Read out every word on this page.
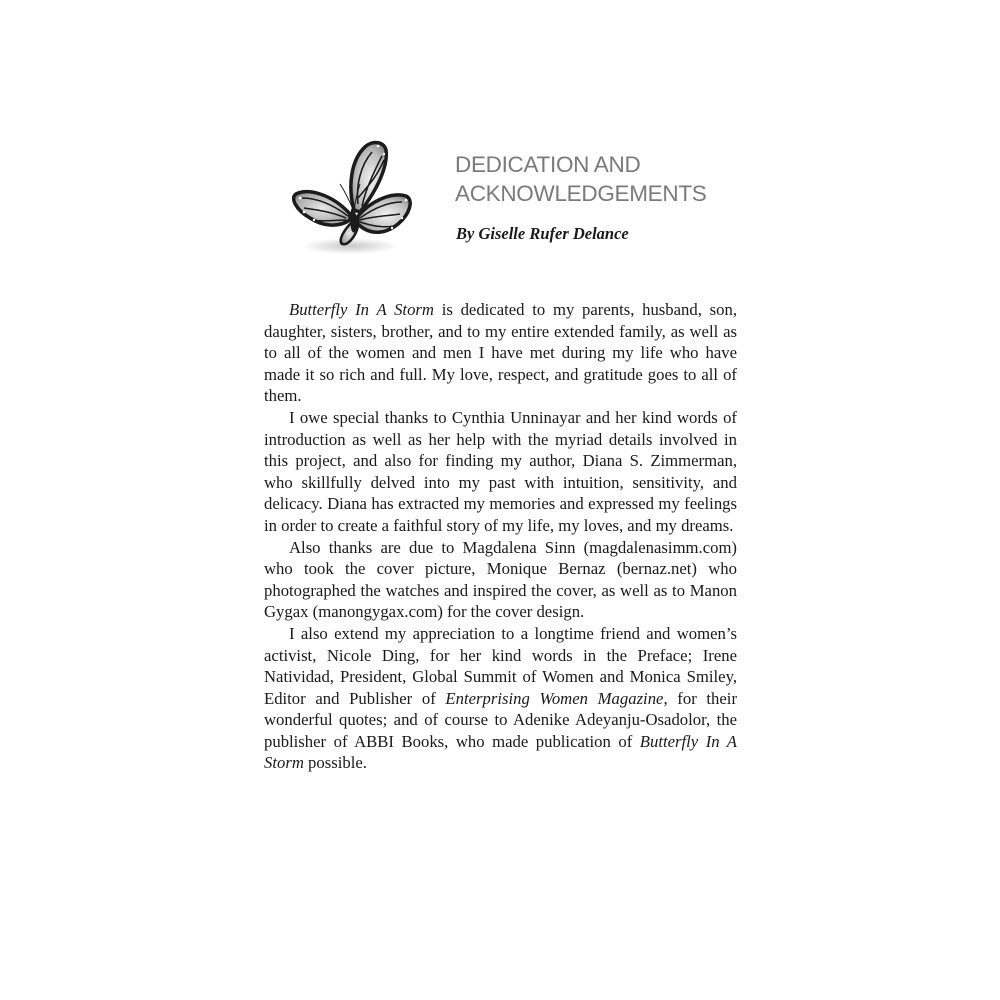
DEDICATION AND
ACKNOWLEDGEMENTS

By Giselle Rufer Delance

Butterfly In A Storm is dedicated to my parents, husband, son, daughter, sisters, brother, and to my entire extended family, as well as to all of the women and men I have met during my life who have made it so rich and full. My love, respect, and gratitude goes to all of them.

I owe special thanks to Cynthia Unninayar and her kind words of introduction as well as her help with the myriad details involved in this project, and also for finding my author, Diana S. Zimmerman, who skillfully delved into my past with intuition, sensitivity, and delicacy. Diana has extracted my memories and expressed my feelings in order to create a faithful story of my life, my loves, and my dreams.

Also thanks are due to Magdalena Sinn (magdalenasimm.com) who took the cover picture, Monique Bernaz (bernaz.net) who photographed the watches and inspired the cover, as well as to Manon Gygax (manongygax.com) for the cover design.

I also extend my appreciation to a longtime friend and women’s activist, Nicole Ding, for her kind words in the Preface; Irene Natividad, President, Global Summit of Women and Monica Smiley, Editor and Publisher of Enterprising Women Magazine, for their wonderful quotes; and of course to Adenike Adeyanju-Osadolor, the publisher of ABBI Books, who made publication of Butterfly In A Storm possible.
